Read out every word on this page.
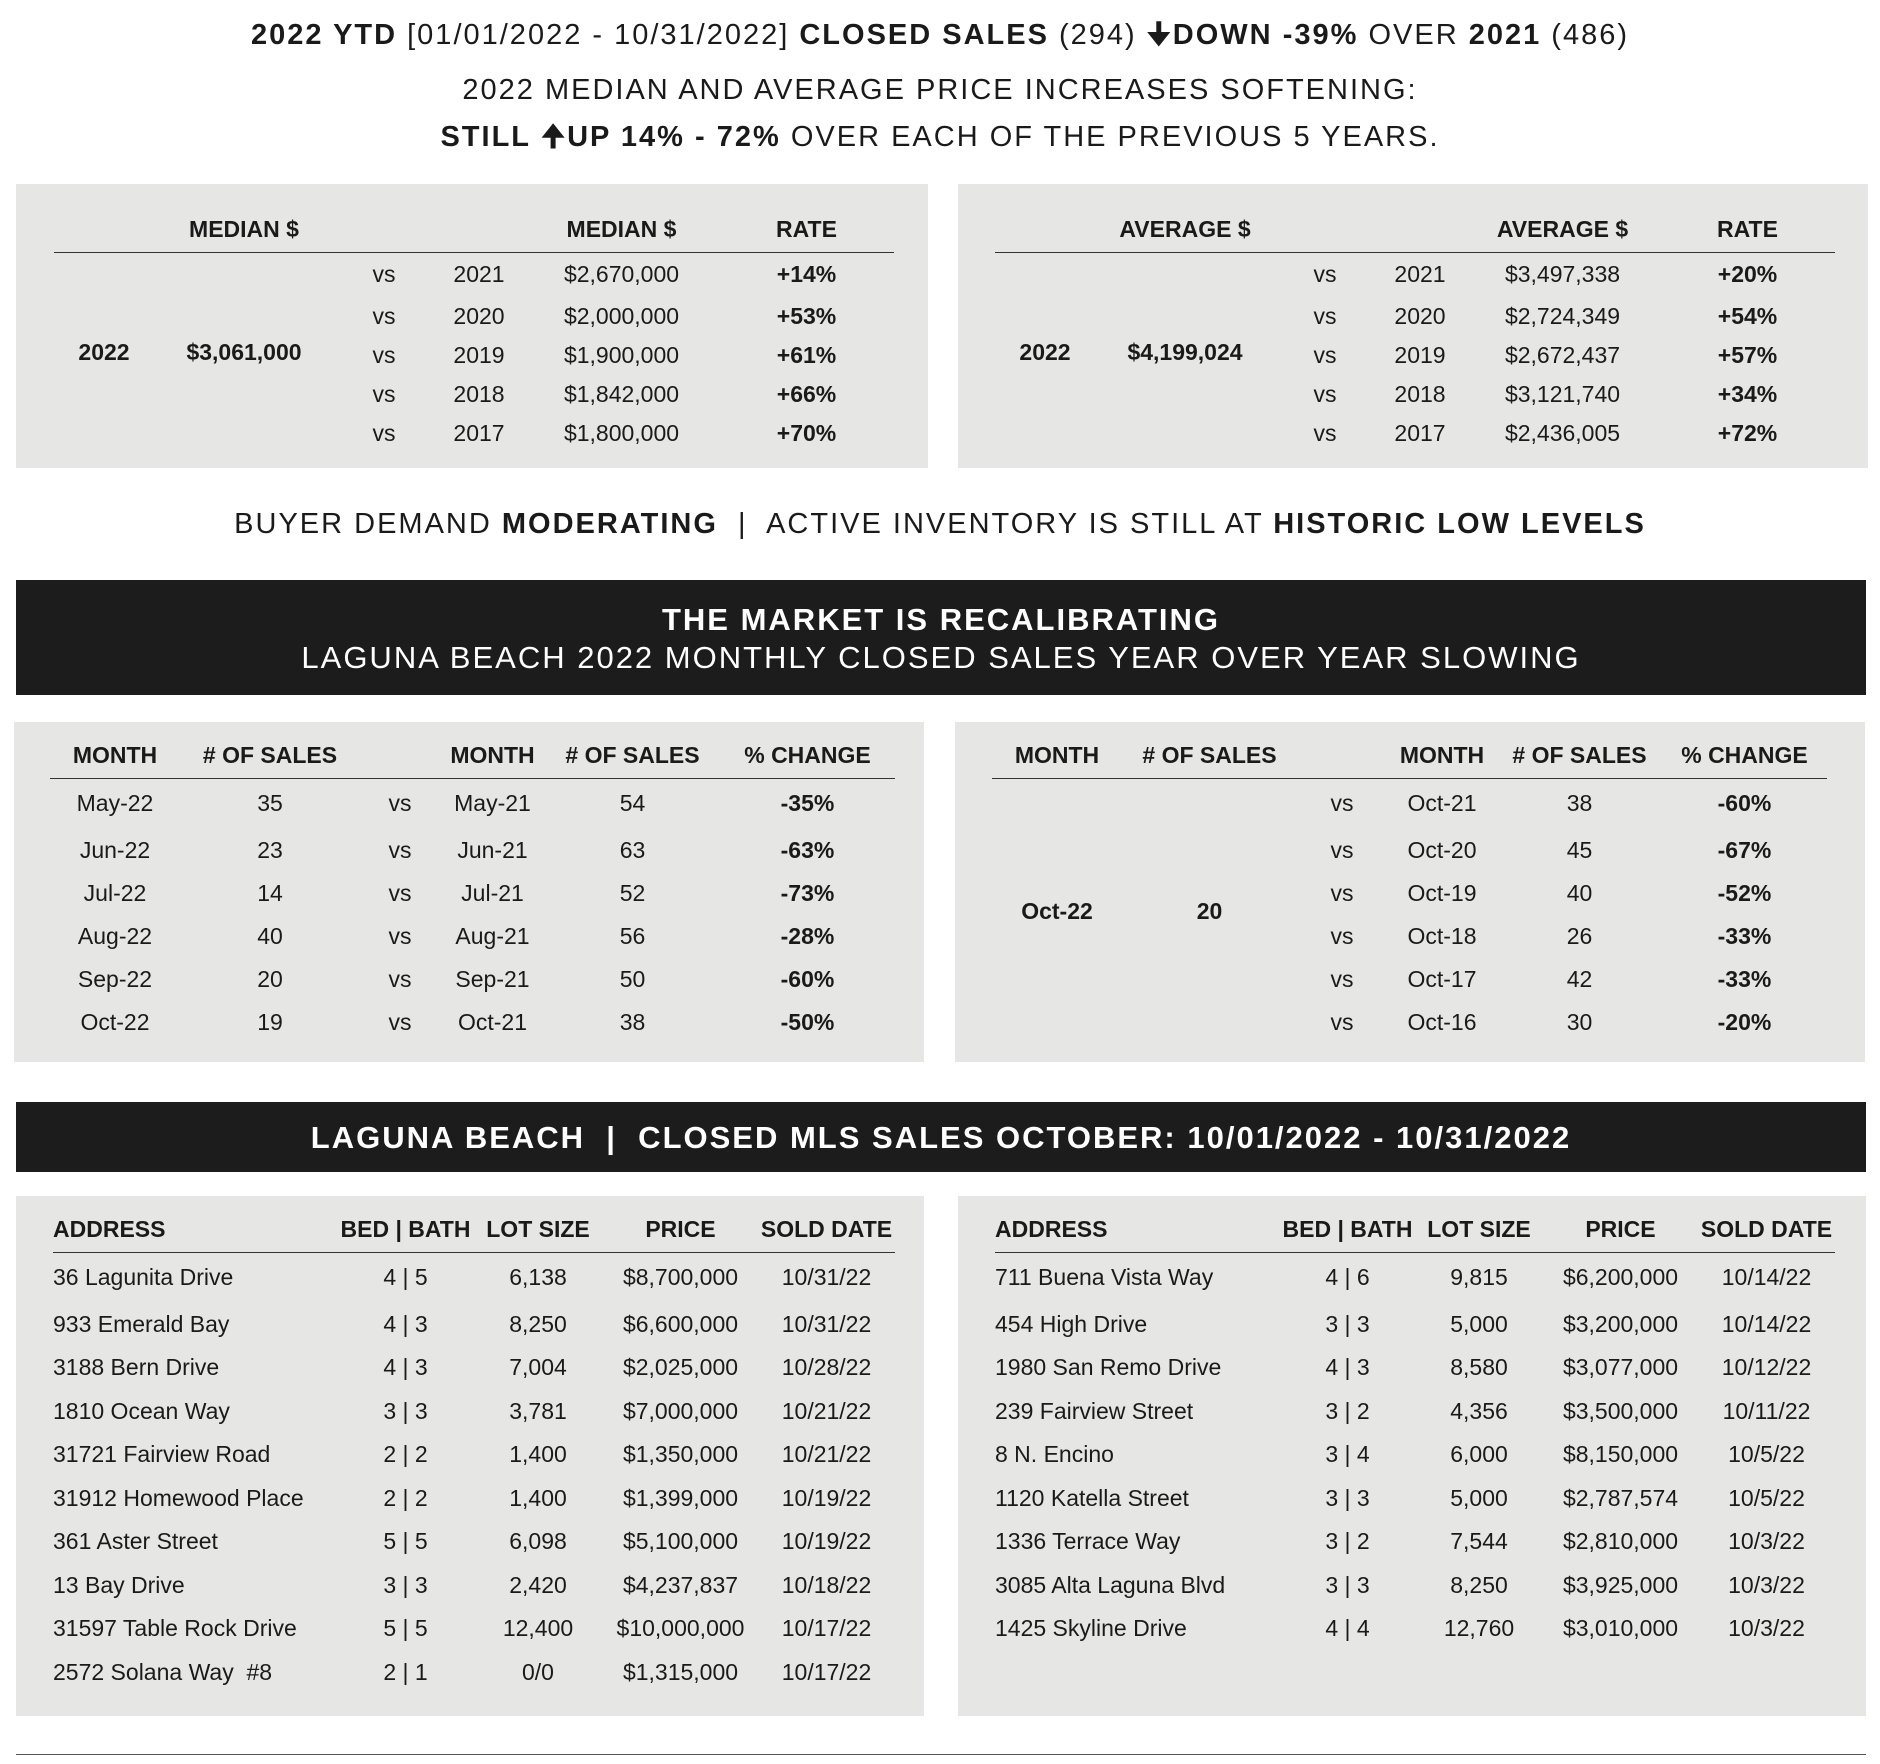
2022 YTD [01/01/2022 - 10/31/2022] CLOSED SALES (294) 🠋DOWN -39% OVER 2021 (486)
2022 MEDIAN AND AVERAGE PRICE INCREASES SOFTENING:
STILL 🠉UP 14% - 72% OVER EACH OF THE PREVIOUS 5 YEARS.
	MEDIAN $			MEDIAN $	RATE
2022	$3,061,000	vs	2021	$2,670,000	+14%
		vs	2020	$2,000,000	+53%
		vs	2019	$1,900,000	+61%
		vs	2018	$1,842,000	+66%
		vs	2017	$1,800,000	+70%
	AVERAGE $			AVERAGE $	RATE
2022	$4,199,024	vs	2021	$3,497,338	+20%
		vs	2020	$2,724,349	+54%
		vs	2019	$2,672,437	+57%
		vs	2018	$3,121,740	+34%
		vs	2017	$2,436,005	+72%
BUYER DEMAND MODERATING | ACTIVE INVENTORY IS STILL AT HISTORIC LOW LEVELS
THE MARKET IS RECALIBRATING
LAGUNA BEACH 2022 MONTHLY CLOSED SALES YEAR OVER YEAR SLOWING
MONTH	# OF SALES		MONTH	# OF SALES	% CHANGE
May-22	35	vs	May-21	54	-35%
Jun-22	23	vs	Jun-21	63	-63%
Jul-22	14	vs	Jul-21	52	-73%
Aug-22	40	vs	Aug-21	56	-28%
Sep-22	20	vs	Sep-21	50	-60%
Oct-22	19	vs	Oct-21	38	-50%
MONTH	# OF SALES		MONTH	# OF SALES	% CHANGE
Oct-22	20	vs	Oct-21	38	-60%
		vs	Oct-20	45	-67%
		vs	Oct-19	40	-52%
		vs	Oct-18	26	-33%
		vs	Oct-17	42	-33%
		vs	Oct-16	30	-20%
LAGUNA BEACH  |  CLOSED MLS SALES OCTOBER: 10/01/2022 - 10/31/2022
ADDRESS	BED | BATH	LOT SIZE	PRICE	SOLD DATE
36 Lagunita Drive	4 | 5	6,138	$8,700,000	10/31/22
933 Emerald Bay	4 | 3	8,250	$6,600,000	10/31/22
3188 Bern Drive	4 | 3	7,004	$2,025,000	10/28/22
1810 Ocean Way	3 | 3	3,781	$7,000,000	10/21/22
31721 Fairview Road	2 | 2	1,400	$1,350,000	10/21/22
31912 Homewood Place	2 | 2	1,400	$1,399,000	10/19/22
361 Aster Street	5 | 5	6,098	$5,100,000	10/19/22
13 Bay Drive	3 | 3	2,420	$4,237,837	10/18/22
31597 Table Rock Drive	5 | 5	12,400	$10,000,000	10/17/22
2572 Solana Way  #8	2 | 1	0/0	$1,315,000	10/17/22
ADDRESS	BED | BATH	LOT SIZE	PRICE	SOLD DATE
711 Buena Vista Way	4 | 6	9,815	$6,200,000	10/14/22
454 High Drive	3 | 3	5,000	$3,200,000	10/14/22
1980 San Remo Drive	4 | 3	8,580	$3,077,000	10/12/22
239 Fairview Street	3 | 2	4,356	$3,500,000	10/11/22
8 N. Encino	3 | 4	6,000	$8,150,000	10/5/22
1120 Katella Street	3 | 3	5,000	$2,787,574	10/5/22
1336 Terrace Way	3 | 2	7,544	$2,810,000	10/3/22
3085 Alta Laguna Blvd	3 | 3	8,250	$3,925,000	10/3/22
1425 Skyline Drive	4 | 4	12,760	$3,010,000	10/3/22
